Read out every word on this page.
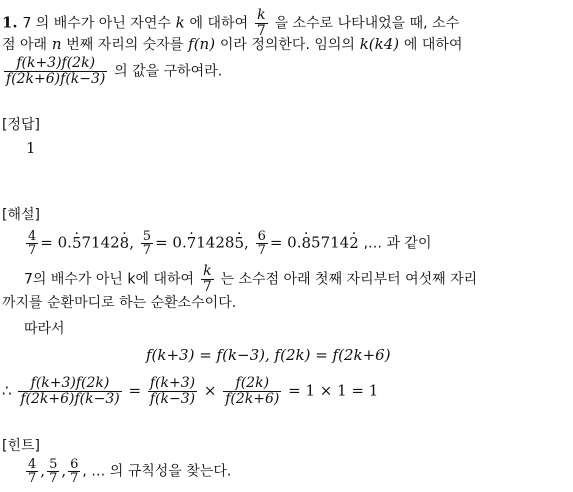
1. 7 의 배수가 아닌 자연수 k 에 대하여 $\frac{k}{7}$ 을 소수로 나타내었을 때, 소수
점 아래 n 번째 자리의 숫자를 f(n) 이라 정의한다. 임의의 k(k4) 에 대하여
$\frac{f(k+3)f(2k)}{f(2k+6)f(k-3)}$ 의 값을 구하여라.
[정답]
1
[해설]
$\frac{4}{7} = 0.5 \cdot 71428$ ·, $\frac{5}{7} = 0.7 \cdot 14285$ ·, $\frac{6}{7} = 0.8 \cdot 57142$ · ,… 과 같이
7의 배수가 아닌 k에 대하여 $\frac{k}{7}$ 는 소수점 아래 첫째 자리부터 여섯째 자리
까지를 순환마디로 하는 순환소수이다.
따라서
f(k+3) = f(k−3), f(2k) = f(2k+6)
∴ $\frac{f(k+3)f(2k)}{f(2k+6)f(k-3)} = \frac{f(k+3)}{f(k-3)} \times \frac{f(2k)}{f(2k+6)} = 1 \times 1 = 1$
[힌트]
$\frac{4}{7}$ , $\frac{5}{7}$ , $\frac{6}{7}$ , … 의 규칙성을 찾는다.
